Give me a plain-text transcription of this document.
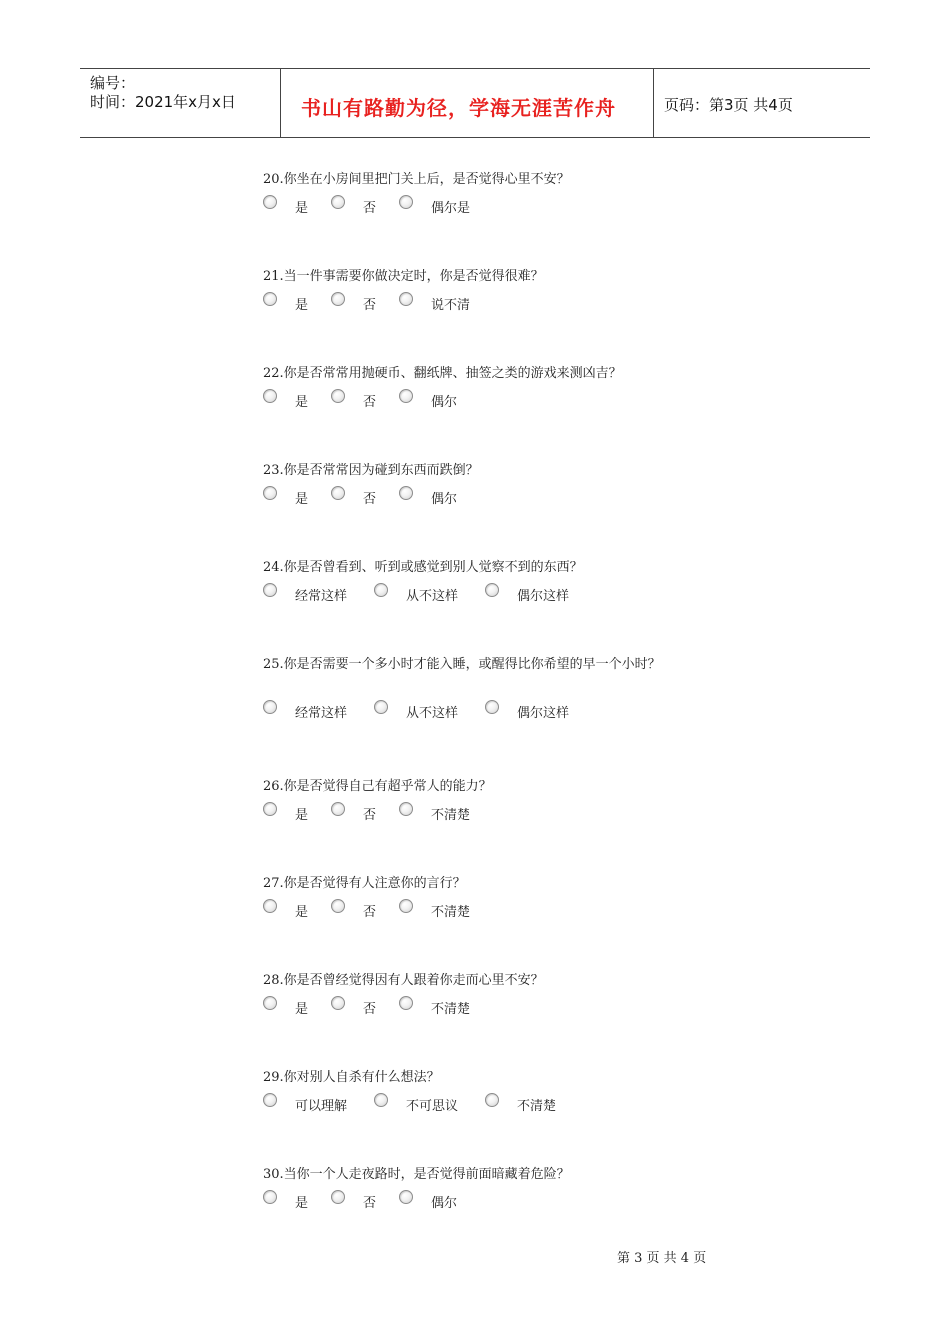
编号：
时间：2021年x月x日	书山有路勤为径，学海无涯苦作舟	页码：第3页 共4页
20.你坐在小房间里把门关上后，是否觉得心里不安？
是	否	偶尔是
21.当一件事需要你做决定时，你是否觉得很难？
是	否	说不清
22.你是否常常用抛硬币、翻纸牌、抽签之类的游戏来测凶吉？
是	否	偶尔
23.你是否常常因为碰到东西而跌倒？
是	否	偶尔
24.你是否曾看到、听到或感觉到别人觉察不到的东西？
经常这样	从不这样	偶尔这样
25.你是否需要一个多小时才能入睡，或醒得比你希望的早一个小时？
经常这样	从不这样	偶尔这样
26.你是否觉得自己有超乎常人的能力？
是	否	不清楚
27.你是否觉得有人注意你的言行？
是	否	不清楚
28.你是否曾经觉得因有人跟着你走而心里不安？
是	否	不清楚
29.你对别人自杀有什么想法？
可以理解	不可思议	不清楚
30.当你一个人走夜路时，是否觉得前面暗藏着危险？
是	否	偶尔
第 3 页 共 4 页
